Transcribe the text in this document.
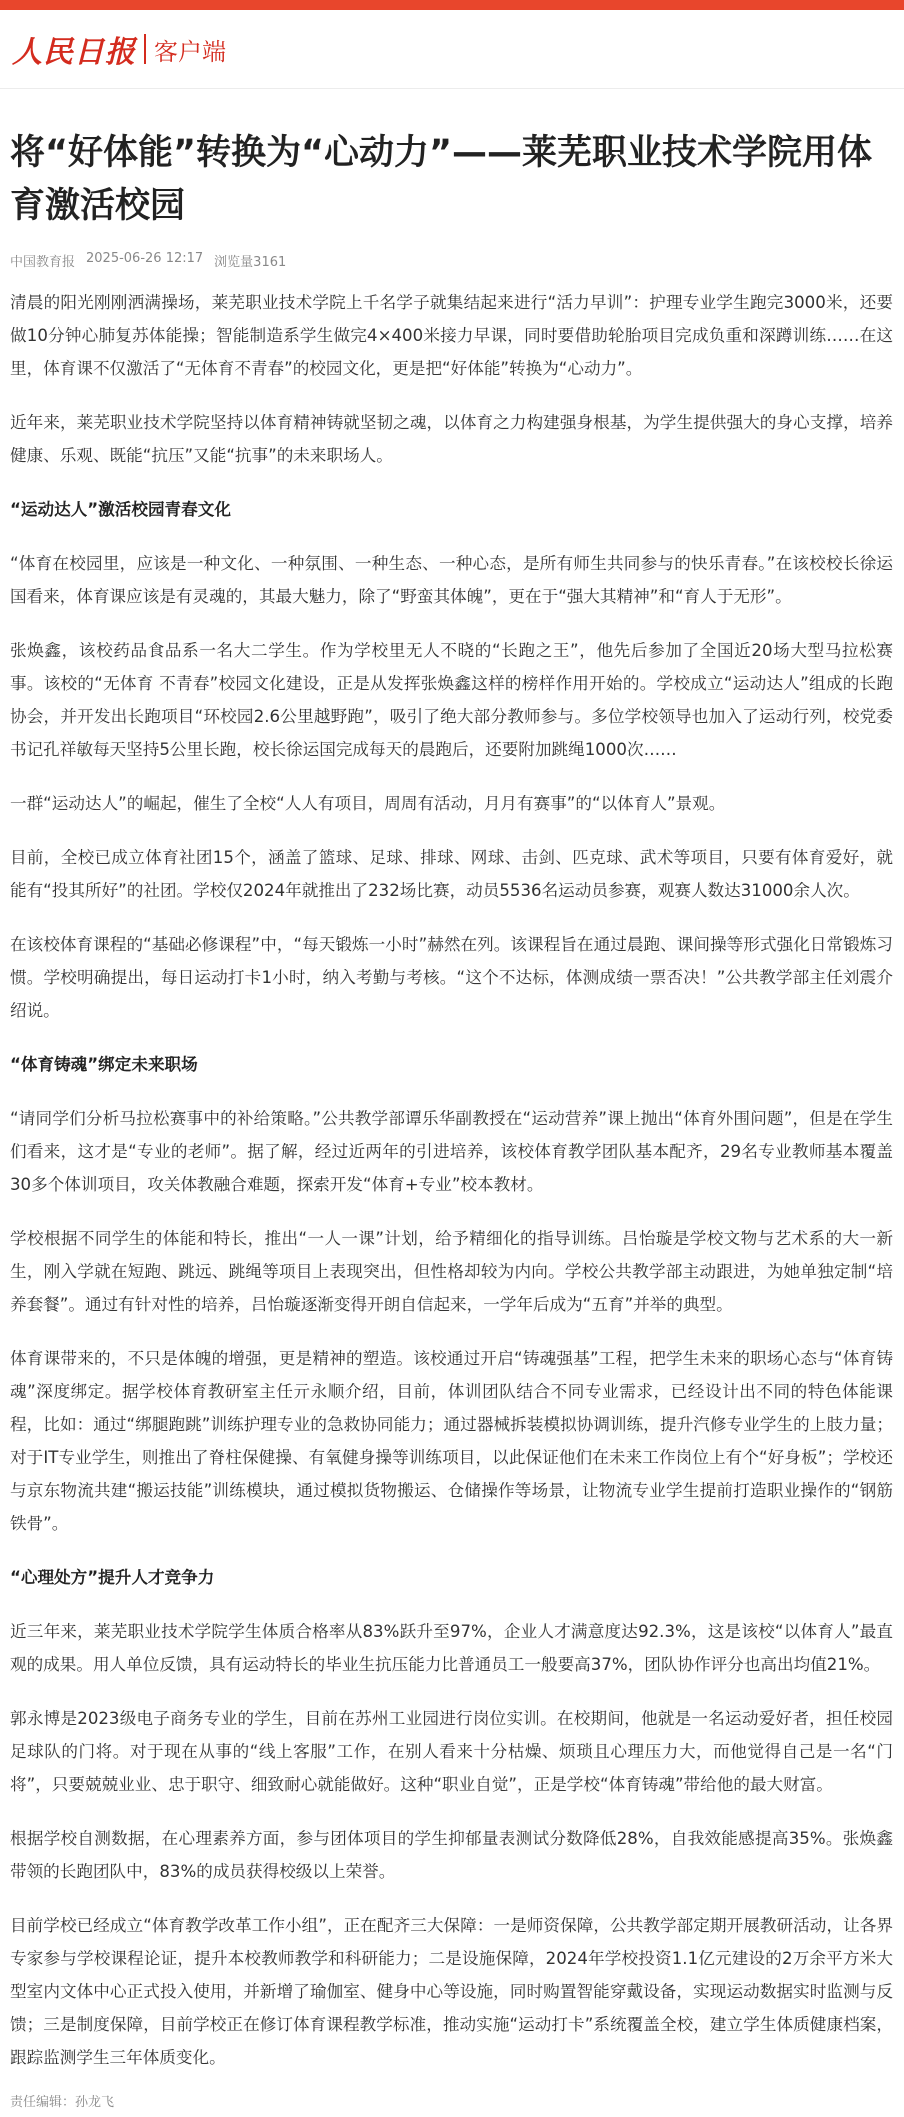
人民日报 客户端
将“好体能”转换为“心动力”——莱芜职业技术学院用体育激活校园
中国教育报 2025-06-26 12:17 浏览量3161

清晨的阳光刚刚洒满操场，莱芜职业技术学院上千名学子就集结起来进行“活力早训”：护理专业学生跑完3000米，还要做10分钟心肺复苏体能操；智能制造系学生做完4×400米接力早课，同时要借助轮胎项目完成负重和深蹲训练……在这里，体育课不仅激活了“无体育不青春”的校园文化，更是把“好体能”转换为“心动力”。

近年来，莱芜职业技术学院坚持以体育精神铸就坚韧之魂，以体育之力构建强身根基，为学生提供强大的身心支撑，培养健康、乐观、既能“抗压”又能“抗事”的未来职场人。

“运动达人”激活校园青春文化

“体育在校园里，应该是一种文化、一种氛围、一种生态、一种心态，是所有师生共同参与的快乐青春。”在该校校长徐运国看来，体育课应该是有灵魂的，其最大魅力，除了“野蛮其体魄”，更在于“强大其精神”和“育人于无形”。

张焕鑫，该校药品食品系一名大二学生。作为学校里无人不晓的“长跑之王”，他先后参加了全国近20场大型马拉松赛事。该校的“无体育 不青春”校园文化建设，正是从发挥张焕鑫这样的榜样作用开始的。学校成立“运动达人”组成的长跑协会，并开发出长跑项目“环校园2.6公里越野跑”，吸引了绝大部分教师参与。多位学校领导也加入了运动行列，校党委书记孔祥敏每天坚持5公里长跑，校长徐运国完成每天的晨跑后，还要附加跳绳1000次……

一群“运动达人”的崛起，催生了全校“人人有项目，周周有活动，月月有赛事”的“以体育人”景观。

目前，全校已成立体育社团15个，涵盖了篮球、足球、排球、网球、击剑、匹克球、武术等项目，只要有体育爱好，就能有“投其所好”的社团。学校仅2024年就推出了232场比赛，动员5536名运动员参赛，观赛人数达31000余人次。

在该校体育课程的“基础必修课程”中，“每天锻炼一小时”赫然在列。该课程旨在通过晨跑、课间操等形式强化日常锻炼习惯。学校明确提出，每日运动打卡1小时，纳入考勤与考核。“这个不达标，体测成绩一票否决！”公共教学部主任刘震介绍说。

“体育铸魂”绑定未来职场

“请同学们分析马拉松赛事中的补给策略。”公共教学部谭乐华副教授在“运动营养”课上抛出“体育外围问题”，但是在学生们看来，这才是“专业的老师”。据了解，经过近两年的引进培养，该校体育教学团队基本配齐，29名专业教师基本覆盖30多个体训项目，攻关体教融合难题，探索开发“体育+专业”校本教材。

学校根据不同学生的体能和特长，推出“一人一课”计划，给予精细化的指导训练。吕怡璇是学校文物与艺术系的大一新生，刚入学就在短跑、跳远、跳绳等项目上表现突出，但性格却较为内向。学校公共教学部主动跟进，为她单独定制“培养套餐”。通过有针对性的培养，吕怡璇逐渐变得开朗自信起来，一学年后成为“五育”并举的典型。

体育课带来的，不只是体魄的增强，更是精神的塑造。该校通过开启“铸魂强基”工程，把学生未来的职场心态与“体育铸魂”深度绑定。据学校体育教研室主任亓永顺介绍，目前，体训团队结合不同专业需求，已经设计出不同的特色体能课程，比如：通过“绑腿跑跳”训练护理专业的急救协同能力；通过器械拆装模拟协调训练，提升汽修专业学生的上肢力量；对于IT专业学生，则推出了脊柱保健操、有氧健身操等训练项目，以此保证他们在未来工作岗位上有个“好身板”；学校还与京东物流共建“搬运技能”训练模块，通过模拟货物搬运、仓储操作等场景，让物流专业学生提前打造职业操作的“钢筋铁骨”。

“心理处方”提升人才竞争力

近三年来，莱芜职业技术学院学生体质合格率从83%跃升至97%，企业人才满意度达92.3%，这是该校“以体育人”最直观的成果。用人单位反馈，具有运动特长的毕业生抗压能力比普通员工一般要高37%，团队协作评分也高出均值21%。

郭永博是2023级电子商务专业的学生，目前在苏州工业园进行岗位实训。在校期间，他就是一名运动爱好者，担任校园足球队的门将。对于现在从事的“线上客服”工作，在别人看来十分枯燥、烦琐且心理压力大，而他觉得自己是一名“门将”，只要兢兢业业、忠于职守、细致耐心就能做好。这种“职业自觉”，正是学校“体育铸魂”带给他的最大财富。

根据学校自测数据，在心理素养方面，参与团体项目的学生抑郁量表测试分数降低28%，自我效能感提高35%。张焕鑫带领的长跑团队中，83%的成员获得校级以上荣誉。

目前学校已经成立“体育教学改革工作小组”，正在配齐三大保障：一是师资保障，公共教学部定期开展教研活动，让各界专家参与学校课程论证，提升本校教师教学和科研能力；二是设施保障，2024年学校投资1.1亿元建设的2万余平方米大型室内文体中心正式投入使用，并新增了瑜伽室、健身中心等设施，同时购置智能穿戴设备，实现运动数据实时监测与反馈；三是制度保障，目前学校正在修订体育课程教学标准，推动实施“运动打卡”系统覆盖全校，建立学生体质健康档案，跟踪监测学生三年体质变化。

责任编辑：孙龙飞
